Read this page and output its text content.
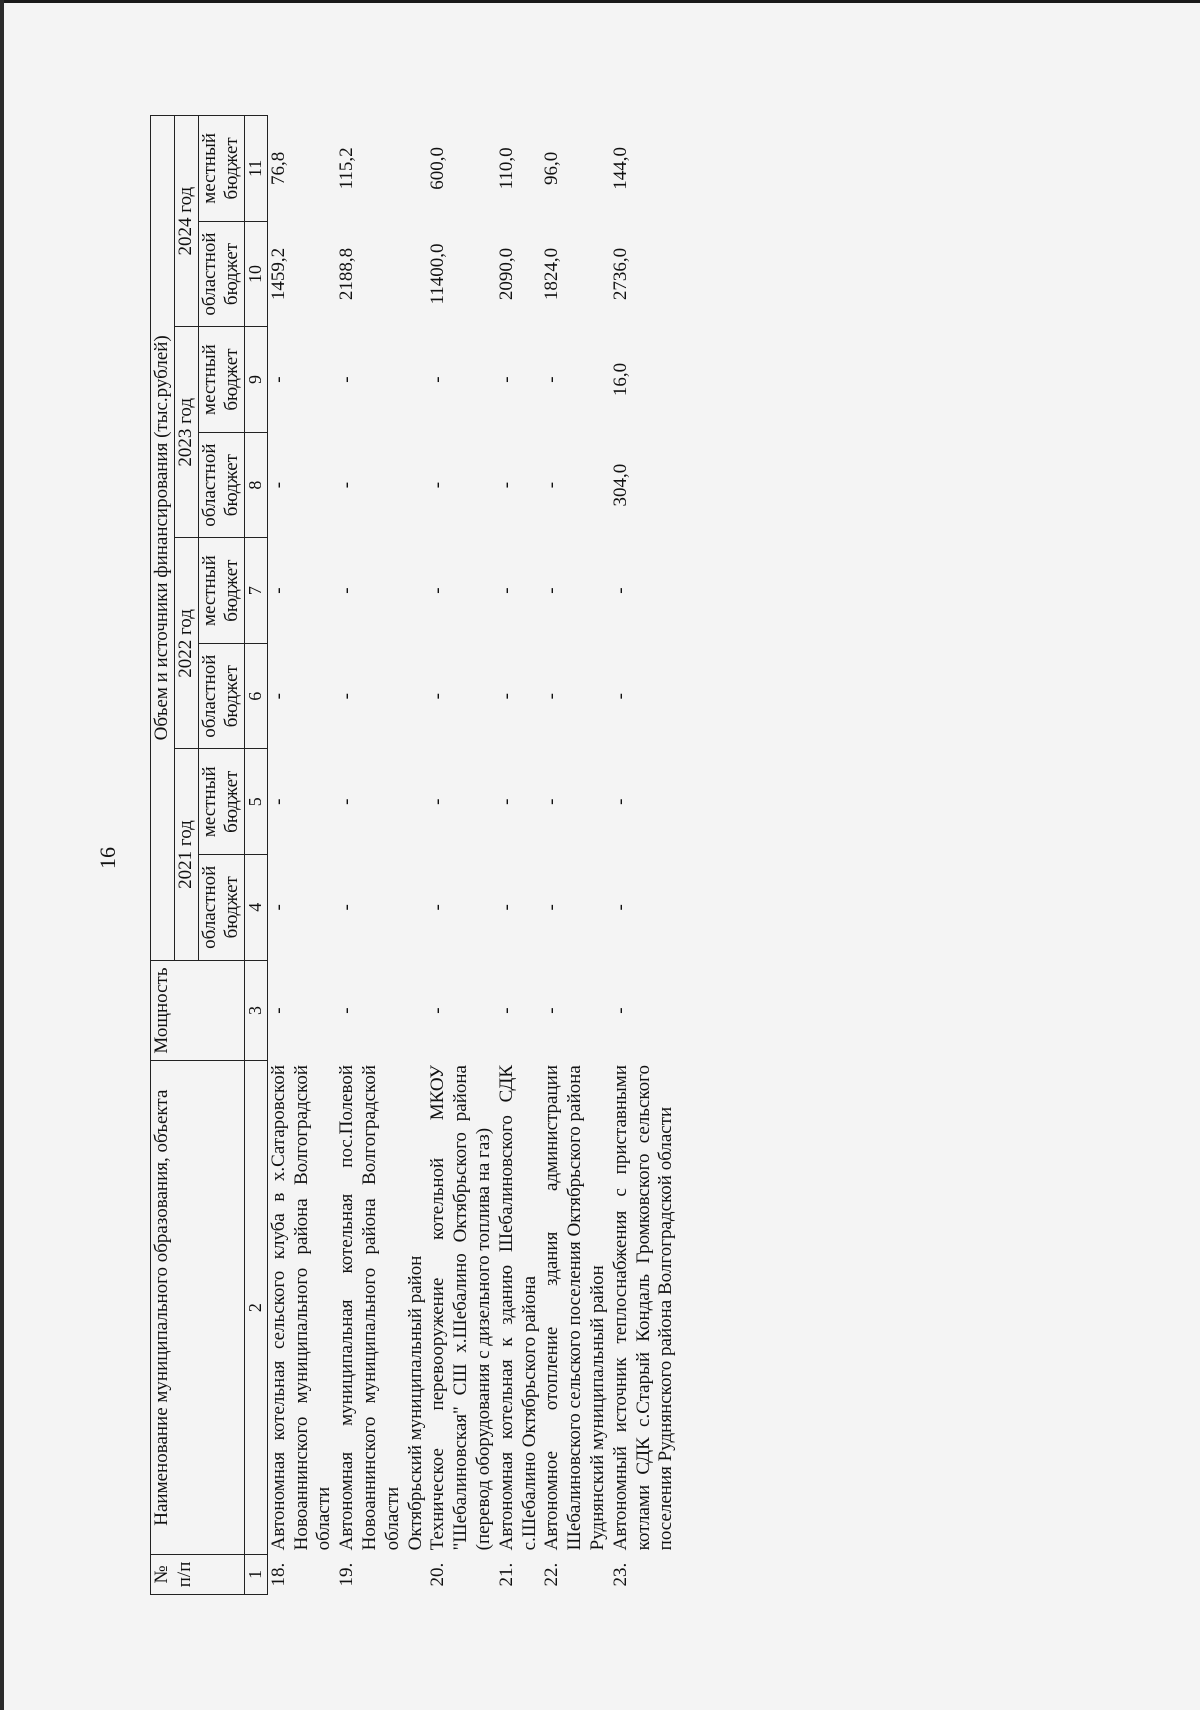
16
№ п/п	Наименование муниципального образования, объекта	Мощность	Объем и источники финансирования (тыс.рублей)							
			2021 год		2022 год		2023 год		2024 год	
			областной бюджет	местный бюджет	областной бюджет	местный бюджет	областной бюджет	местный бюджет	областной бюджет	местный бюджет
1	2	3	4	5	6	7	8	9	10	11
18.	Автономная котельная сельского клуба в х.Сатаровской Новоаннинского муниципального района Волгоградской области	-	-	-	-	-	-	-	1459,2	76,8
19.	Автономная муниципальная котельная пос.Полевой Новоаннинского муниципального района Волгоградской области	-	-	-	-	-	-	-	2188,8	115,2
	Октябрьский муниципальный район									
20.	Техническое перевооружение котельной МКОУ "Шебалиновская" СШ х.Шебалино Октябрьского района (перевод оборудования с дизельного топлива на газ)	-	-	-	-	-	-	-	11400,0	600,0
21.	Автономная котельная к зданию Шебалиновского СДК с.Шебалино Октябрьского района	-	-	-	-	-	-	-	2090,0	110,0
22.	Автономное отопление здания администрации Шебалиновского сельского поселения Октябрьского района	-	-	-	-	-	-	-	1824,0	96,0
	Руднянский муниципальный район									
23.	Автономный источник теплоснабжения с приставными котлами СДК с.Старый Кондаль Громковского сельского поселения Руднянского района Волгоградской области	-	-	-	-	-	304,0	16,0	2736,0	144,0
